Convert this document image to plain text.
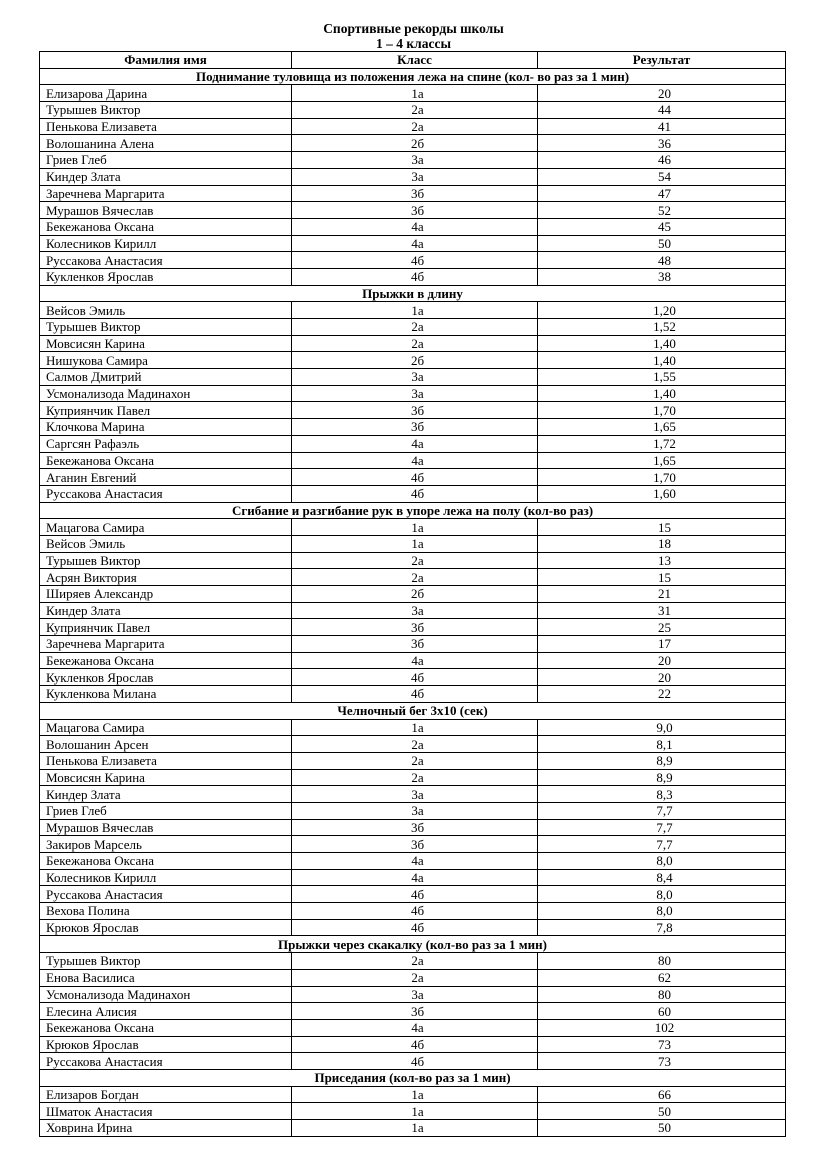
Спортивные рекорды школы
1 – 4 классы
Фамилия имя	Класс	Результат
Поднимание туловища из положения лежа на спине (кол- во раз за 1 мин)		
Елизарова Дарина	1а	20
Турышев Виктор	2а	44
Пенькова Елизавета	2а	41
Волошанина Алена	2б	36
Гриев Глеб	3а	46
Киндер Злата	3а	54
Заречнева Маргарита	3б	47
Мурашов Вячеслав	3б	52
Бекежанова Оксана	4а	45
Колесников Кирилл	4а	50
Руссакова Анастасия	4б	48
Кукленков Ярослав	4б	38
Прыжки в длину		
Вейсов Эмиль	1а	1,20
Турышев Виктор	2а	1,52
Мовсисян Карина	2а	1,40
Нишукова Самира	2б	1,40
Салмов Дмитрий	3а	1,55
Усмонализода Мадинахон	3а	1,40
Куприянчик Павел	3б	1,70
Клочкова Марина	3б	1,65
Саргсян Рафаэль	4а	1,72
Бекежанова Оксана	4а	1,65
Аганин Евгений	4б	1,70
Руссакова Анастасия	4б	1,60
Сгибание и разгибание рук в упоре лежа на полу (кол-во раз)		
Мацагова Самира	1а	15
Вейсов Эмиль	1а	18
Турышев Виктор	2а	13
Асрян Виктория	2а	15
Ширяев Александр	2б	21
Киндер Злата	3а	31
Куприянчик Павел	3б	25
Заречнева Маргарита	3б	17
Бекежанова Оксана	4а	20
Кукленков Ярослав	4б	20
Кукленкова Милана	4б	22
Челночный бег 3х10 (сек)		
Мацагова Самира	1а	9,0
Волошанин Арсен	2а	8,1
Пенькова Елизавета	2а	8,9
Мовсисян Карина	2а	8,9
Киндер Злата	3а	8,3
Гриев Глеб	3а	7,7
Мурашов Вячеслав	3б	7,7
Закиров Марсель	3б	7,7
Бекежанова Оксана	4а	8,0
Колесников Кирилл	4а	8,4
Руссакова Анастасия	4б	8,0
Вехова Полина	4б	8,0
Крюков Ярослав	4б	7,8
Прыжки через скакалку (кол-во раз за 1 мин)		
Турышев Виктор	2а	80
Енова Василиса	2а	62
Усмонализода Мадинахон	3а	80
Елесина Алисия	3б	60
Бекежанова Оксана	4а	102
Крюков Ярослав	4б	73
Руссакова Анастасия	4б	73
Приседания (кол-во раз за 1 мин)		
Елизаров Богдан	1а	66
Шматок Анастасия	1а	50
Ховрина Ирина	1а	50
